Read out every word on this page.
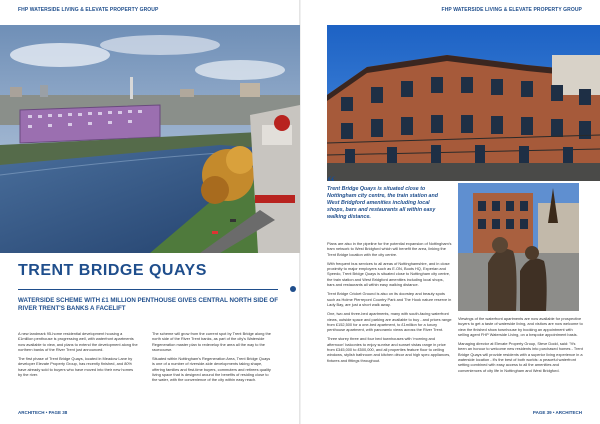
FHP WATERSIDE LIVING & ELEVATE PROPERTY GROUP	FHP WATERSIDE LIVING & ELEVATE PROPERTY GROUP
TRENT BRIDGE QUAYS
WATERSIDE SCHEME WITH £1 MILLION PENTHOUSE GIVES CENTRAL NORTH SIDE OF RIVER TRENT'S BANKS A FACELIFT

A new landmark 95-home residential development housing a £1million penthouse is progressing well, with waterfront apartments now available to view, and plans to extend the development along the northern banks of the River Trent just announced.

The first phase of Trent Bridge Quays, located in Meadow Lane by developer Elevate Property Group, has recently finished, and 80% have already sold to buyers who have moved into their new homes by the river.

The scheme will grow from the current spot by Trent Bridge along the north side of the River Trent banks, as part of the city's Waterside Regeneration master plan to redevelop the area all the way to the racecourse.

Situated within Nottingham's Regeneration Area, Trent Bridge Quays is one of a number of riverside-side developments taking shape, offering families and first-time buyers, commuters and retirees quality living space that is designed around the benefits of residing close to the water, with the convenience of the city within easy reach.

“
Trent Bridge Quays is situated close to Nottingham city centre, the train station and West Bridgford amenities including local shops, bars and restaurants all within easy walking distance.

Plans are also in the pipeline for the potential expansion of Nottingham's tram network to West Bridgford which will benefit the area, linking the Trent Bridge location with the city centre.

With frequent bus services to all areas of Nottinghamshire, and in close proximity to major employers such as E.ON, Boots HQ, Experian and Speedo, Trent Bridge Quays is situated close to Nottingham city centre, the train station and West Bridgford amenities including local shops, bars and restaurants all within easy walking distance.

Trent Bridge Cricket Ground is also on its doorstep and beauty spots such as Holme Pierrepont Country Park and The Hook nature reserve in Lady Bay, are just a short walk away.

One, two and three-bed apartments, many with south-facing waterfront views, outside space and parking are available to buy - and prices range from £152,500 for a one-bed apartment, to £1million for a luxury penthouse apartment, with panoramic views across the River Trent.

Three storey three and four bed townhouses with 'morning and afternoon' balconies to enjoy sunrise and sunset vistas range in price from £345,000 to £500,000, and all properties feature floor to ceiling windows, stylish bathroom and kitchen décor and high spec appliances, fixtures and fittings throughout.

Viewings of the waterfront apartments are now available for prospective buyers to get a taste of waterside living, and visitors are now welcome to view the finished show townhouse by booking an appointment with selling agent FHP Waterside Living, on a bespoke appointment basis.

Managing director at Elevate Property Group, Steve Dodd, said: "It's been an honour to welcome new residents into purchased homes - Trent Bridge Quays will provide residents with a superior living experience in a waterside location - it's the best of both worlds: a peaceful waterfront setting combined with easy access to all the amenities and conveniences of city life in Nottingham and West Bridgford.

ARCHITECH • PAGE 38	PAGE 39 • ARCHITECH
